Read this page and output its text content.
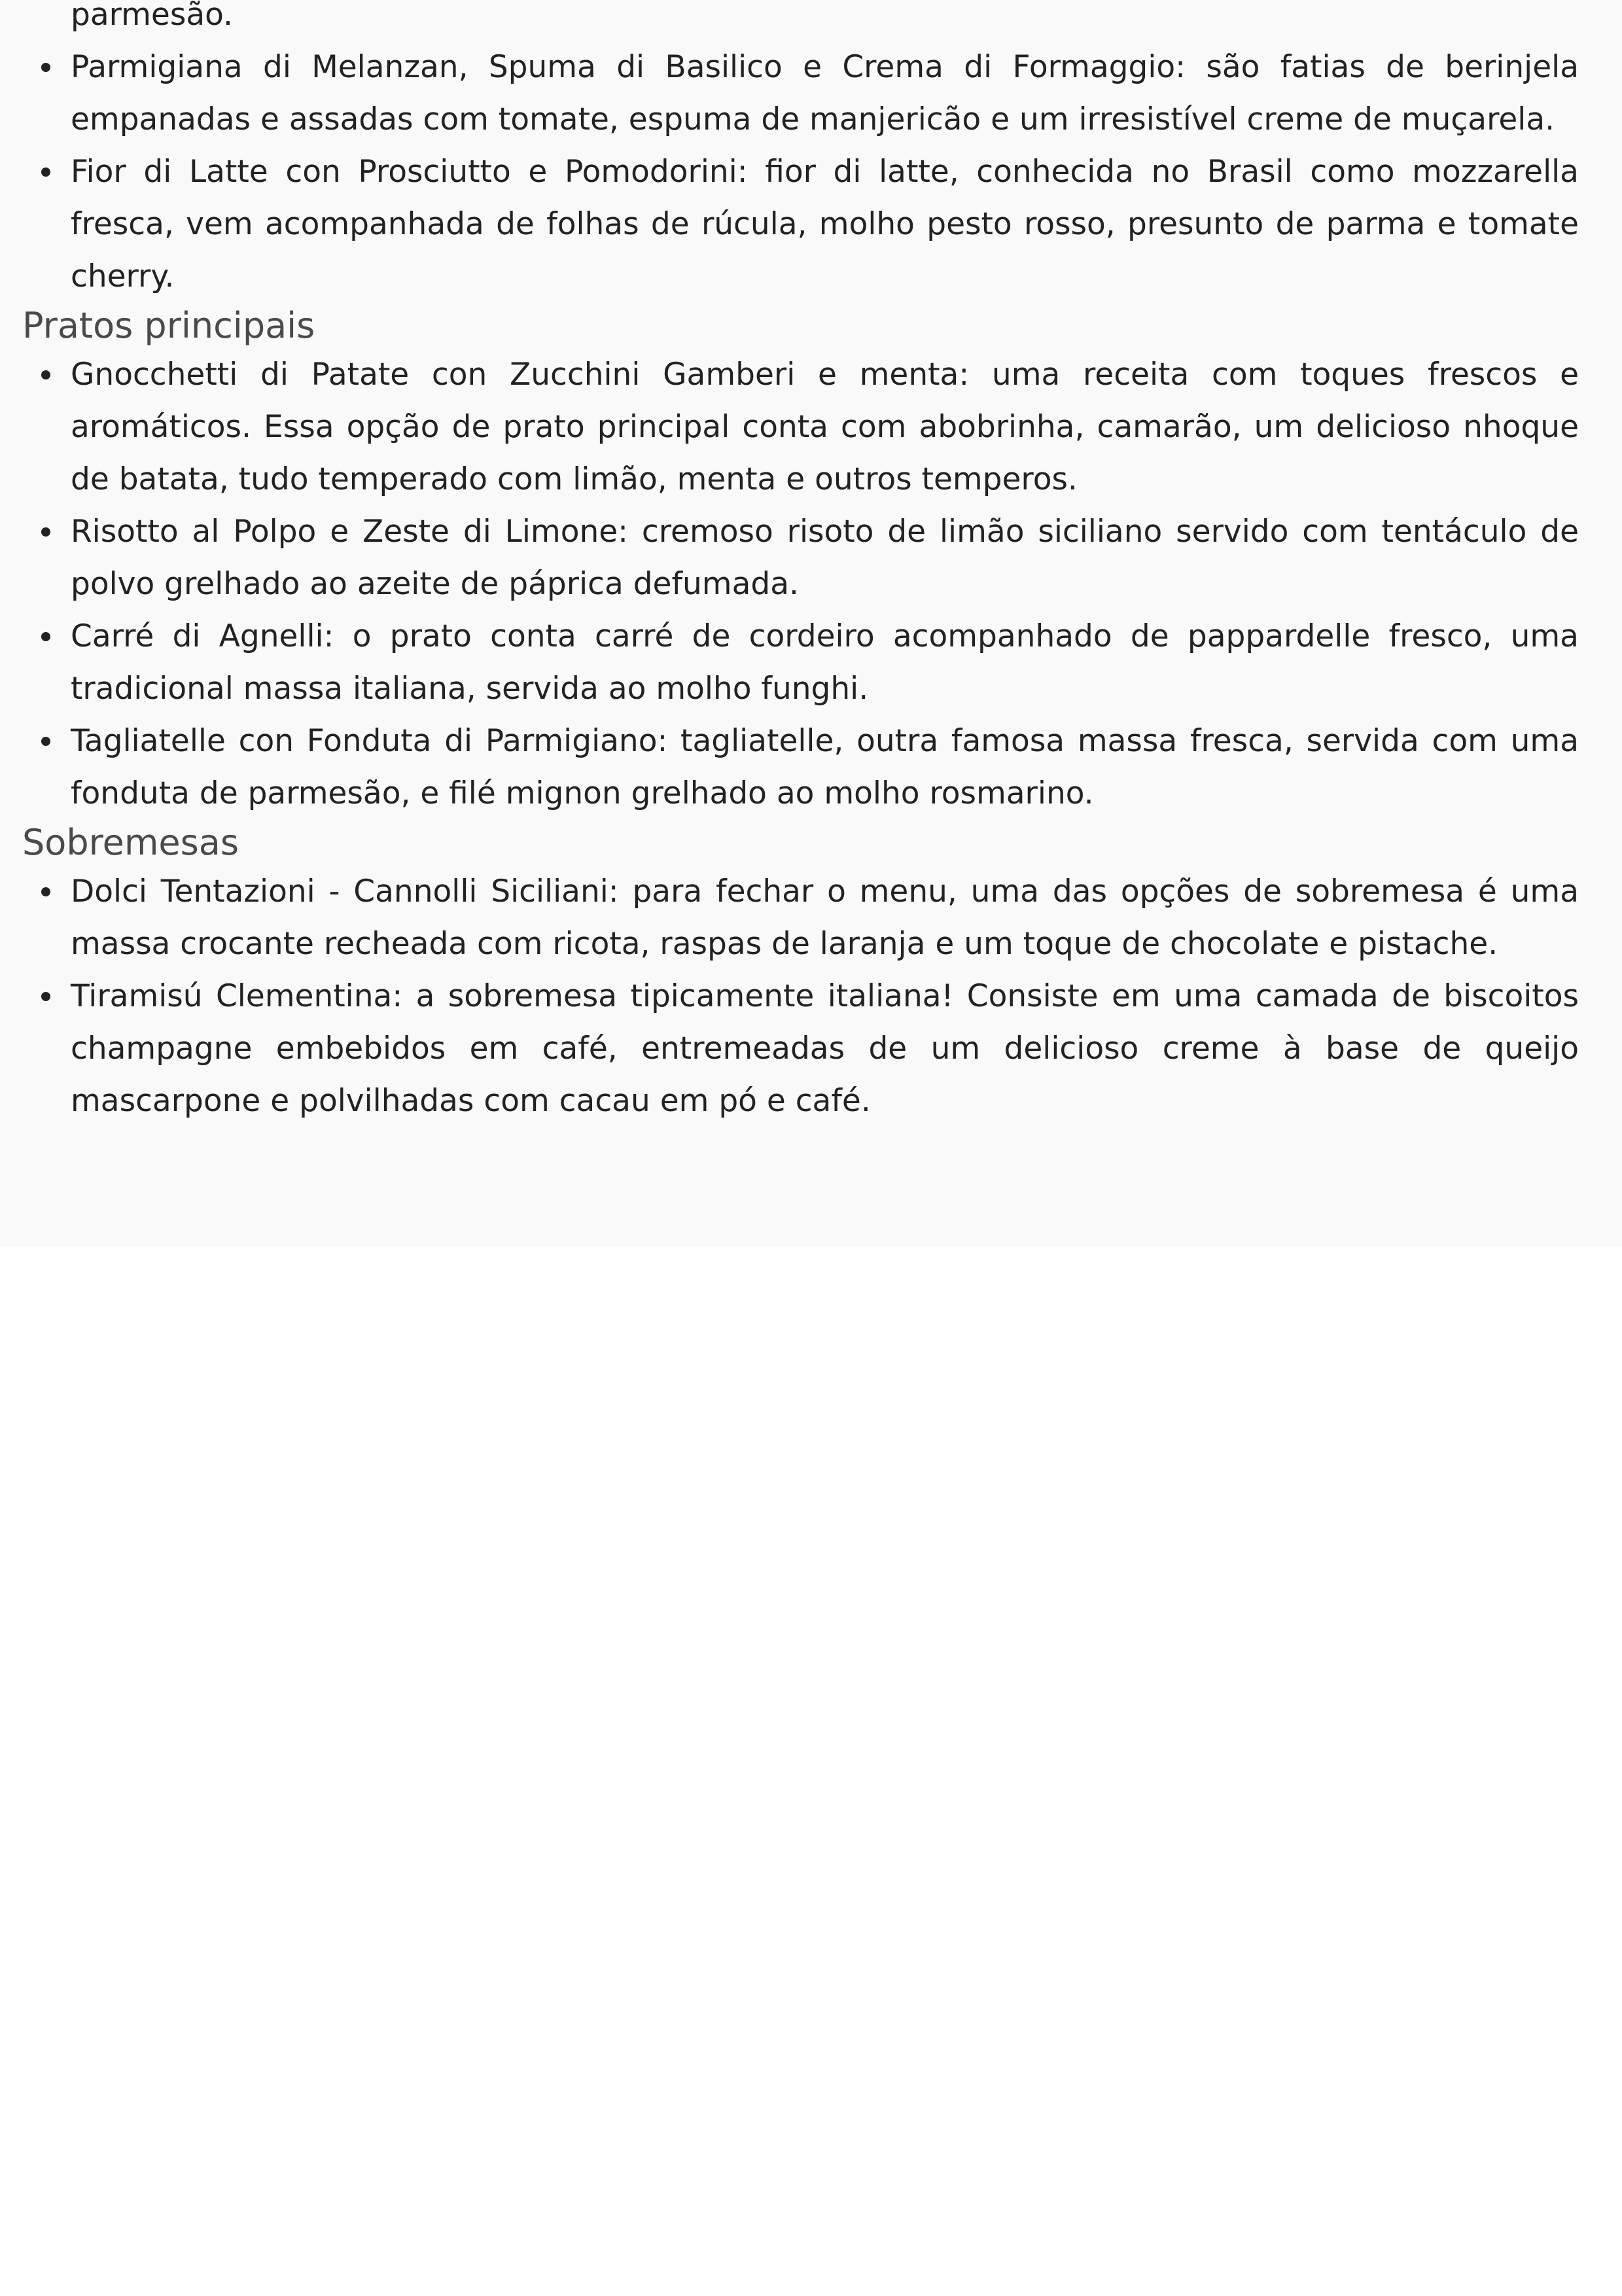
parmesão.

Parmigiana di Melanzan, Spuma di Basilico e Crema di Formaggio: são fatias de berinjela empanadas e assadas com tomate, espuma de manjericão e um irresistível creme de muçarela.
Fior di Latte con Prosciutto e Pomodorini: fior di latte, conhecida no Brasil como mozzarella fresca, vem acompanhada de folhas de rúcula, molho pesto rosso, presunto de parma e tomate cherry.
Pratos principais
Gnocchetti di Patate con Zucchini Gamberi e menta: uma receita com toques frescos e aromáticos. Essa opção de prato principal conta com abobrinha, camarão, um delicioso nhoque de batata, tudo temperado com limão, menta e outros temperos.
Risotto al Polpo e Zeste di Limone: cremoso risoto de limão siciliano servido com tentáculo de polvo grelhado ao azeite de páprica defumada.
Carré di Agnelli: o prato conta carré de cordeiro acompanhado de pappardelle fresco, uma tradicional massa italiana, servida ao molho funghi.
Tagliatelle con Fonduta di Parmigiano: tagliatelle, outra famosa massa fresca, servida com uma fonduta de parmesão, e filé mignon grelhado ao molho rosmarino.
Sobremesas
Dolci Tentazioni - Cannolli Siciliani: para fechar o menu, uma das opções de sobremesa é uma massa crocante recheada com ricota, raspas de laranja e um toque de chocolate e pistache.
Tiramisú Clementina: a sobremesa tipicamente italiana! Consiste em uma camada de biscoitos champagne embebidos em café, entremeadas de um delicioso creme à base de queijo mascarpone e polvilhadas com cacau em pó e café.
